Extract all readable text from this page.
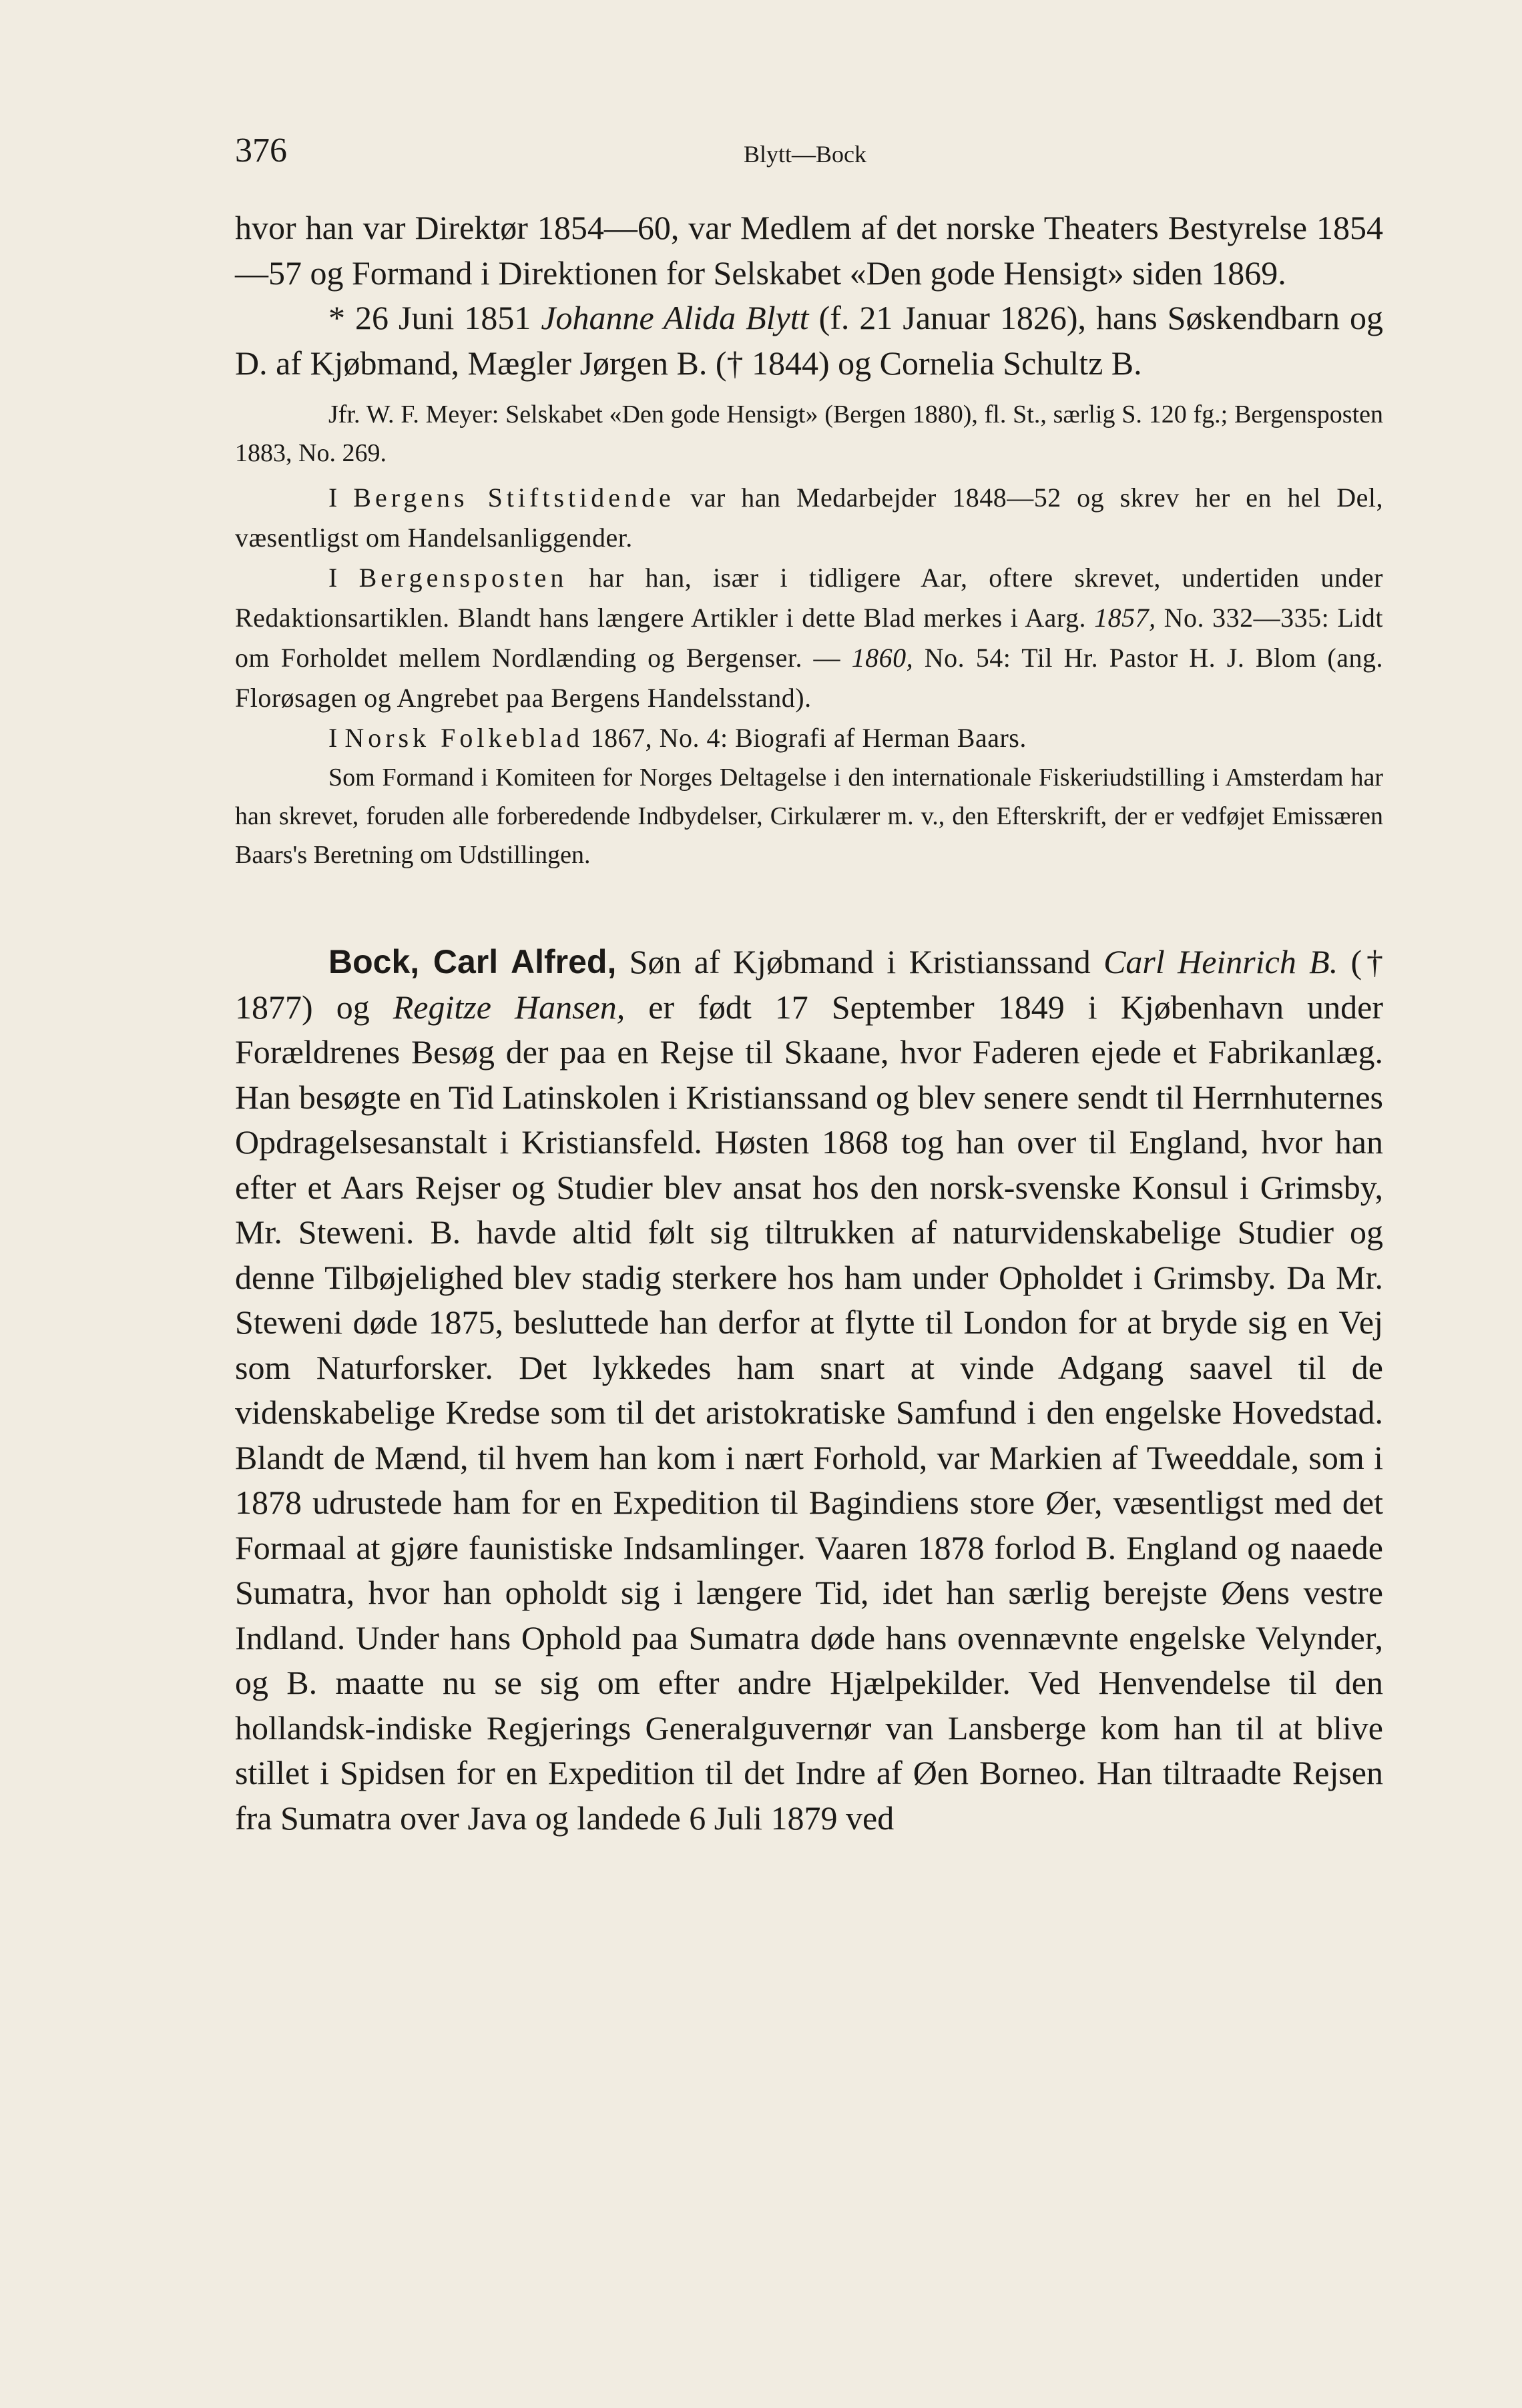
376	Blytt—Bock

hvor han var Direktør 1854—60, var Medlem af det norske Theaters Bestyrelse 1854—57 og Formand i Direktionen for Selskabet «Den gode Hensigt» siden 1869.

* 26 Juni 1851 Johanne Alida Blytt (f. 21 Januar 1826), hans Søskendbarn og D. af Kjøbmand, Mægler Jørgen B. († 1844) og Cornelia Schultz B.

Jfr. W. F. Meyer: Selskabet «Den gode Hensigt» (Bergen 1880), fl. St., særlig S. 120 fg.; Bergensposten 1883, No. 269.

I Bergens Stiftstidende var han Medarbejder 1848—52 og skrev her en hel Del, væsentligst om Handelsanliggender.

I Bergensposten har han, især i tidligere Aar, oftere skrevet, undertiden under Redaktionsartiklen. Blandt hans længere Artikler i dette Blad merkes i Aarg. 1857, No. 332—335: Lidt om Forholdet mellem Nordlænding og Bergenser. — 1860, No. 54: Til Hr. Pastor H. J. Blom (ang. Florøsagen og Angrebet paa Bergens Handelsstand).

I Norsk Folkeblad 1867, No. 4: Biografi af Herman Baars.

Som Formand i Komiteen for Norges Deltagelse i den internationale Fiskeriudstilling i Amsterdam har han skrevet, foruden alle forberedende Indbydelser, Cirkulærer m. v., den Efterskrift, der er vedføjet Emissæren Baars's Beretning om Udstillingen.

Bock, Carl Alfred, Søn af Kjøbmand i Kristianssand Carl Heinrich B. († 1877) og Regitze Hansen, er født 17 September 1849 i Kjøbenhavn under Forældrenes Besøg der paa en Rejse til Skaane, hvor Faderen ejede et Fabrikanlæg. Han besøgte en Tid Latinskolen i Kristianssand og blev senere sendt til Herrnhuternes Opdragelsesanstalt i Kristiansfeld. Høsten 1868 tog han over til England, hvor han efter et Aars Rejser og Studier blev ansat hos den norsk-svenske Konsul i Grimsby, Mr. Steweni. B. havde altid følt sig tiltrukken af naturvidenskabelige Studier og denne Tilbøjelighed blev stadig sterkere hos ham under Opholdet i Grimsby. Da Mr. Steweni døde 1875, besluttede han derfor at flytte til London for at bryde sig en Vej som Naturforsker. Det lykkedes ham snart at vinde Adgang saavel til de videnskabelige Kredse som til det aristokratiske Samfund i den engelske Hovedstad. Blandt de Mænd, til hvem han kom i nært Forhold, var Markien af Tweeddale, som i 1878 udrustede ham for en Expedition til Bagindiens store Øer, væsentligst med det Formaal at gjøre faunistiske Indsamlinger. Vaaren 1878 forlod B. England og naaede Sumatra, hvor han opholdt sig i længere Tid, idet han særlig berejste Øens vestre Indland. Under hans Ophold paa Sumatra døde hans ovennævnte engelske Velynder, og B. maatte nu se sig om efter andre Hjælpekilder. Ved Henvendelse til den hollandsk-indiske Regjerings Generalguvernør van Lansberge kom han til at blive stillet i Spidsen for en Expedition til det Indre af Øen Borneo. Han tiltraadte Rejsen fra Sumatra over Java og landede 6 Juli 1879 ved
